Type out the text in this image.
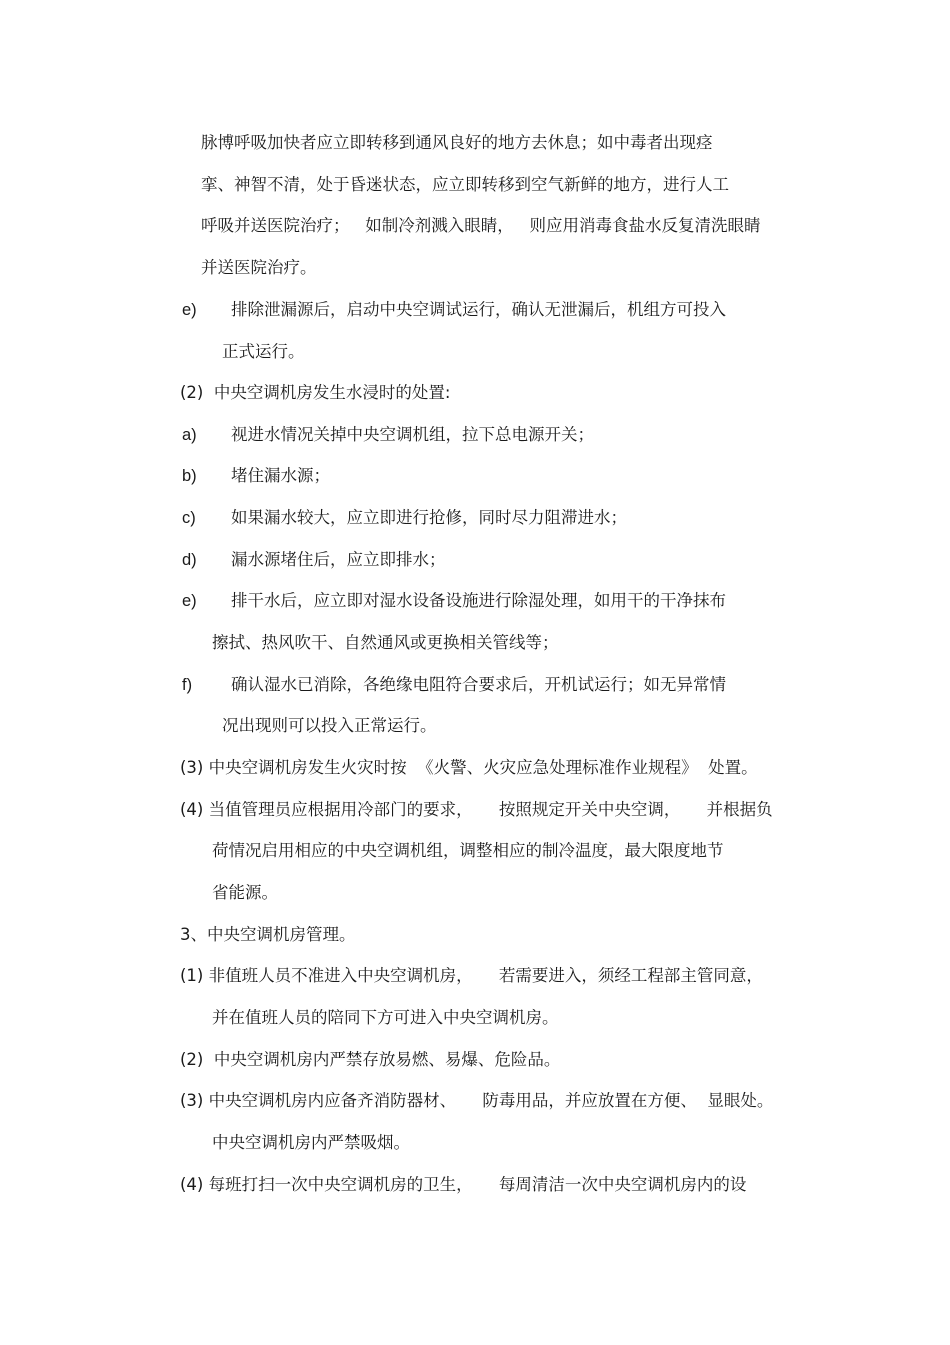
脉博呼吸加快者应立即转移到通风良好的地方去休息；如中毒者出现痉
挛、神智不清，处于昏迷状态，应立即转移到空气新鲜的地方，进行人工
呼吸并送医院治疗；   如制冷剂溅入眼睛，   则应用消毒食盐水反复清洗眼睛
并送医院治疗。
e) 排除泄漏源后，启动中央空调试运行，确认无泄漏后，机组方可投入
正式运行。
(2)  中央空调机房发生水浸时的处置:
a) 视进水情况关掉中央空调机组，拉下总电源开关；
b) 堵住漏水源；
c) 如果漏水较大，应立即进行抢修，同时尽力阻滞进水；
d) 漏水源堵住后，应立即排水；
e) 排干水后，应立即对湿水设备设施进行除湿处理，如用干的干净抹布
擦拭、热风吹干、自然通风或更换相关管线等；
f) 确认湿水已消除，各绝缘电阻符合要求后，开机试运行；如无异常情
况出现则可以投入正常运行。
(3) 中央空调机房发生火灾时按  《火警、火灾应急处理标准作业规程》  处置。
(4) 当值管理员应根据用冷部门的要求，     按照规定开关中央空调，     并根据负
荷情况启用相应的中央空调机组，调整相应的制冷温度，最大限度地节
省能源。
3、中央空调机房管理。
(1) 非值班人员不准进入中央空调机房，     若需要进入，须经工程部主管同意，
并在值班人员的陪同下方可进入中央空调机房。
(2)  中央空调机房内严禁存放易燃、易爆、危险品。
(3) 中央空调机房内应备齐消防器材、     防毒用品，并应放置在方便、  显眼处。
中央空调机房内严禁吸烟。
(4) 每班打扫一次中央空调机房的卫生，     每周清洁一次中央空调机房内的设
